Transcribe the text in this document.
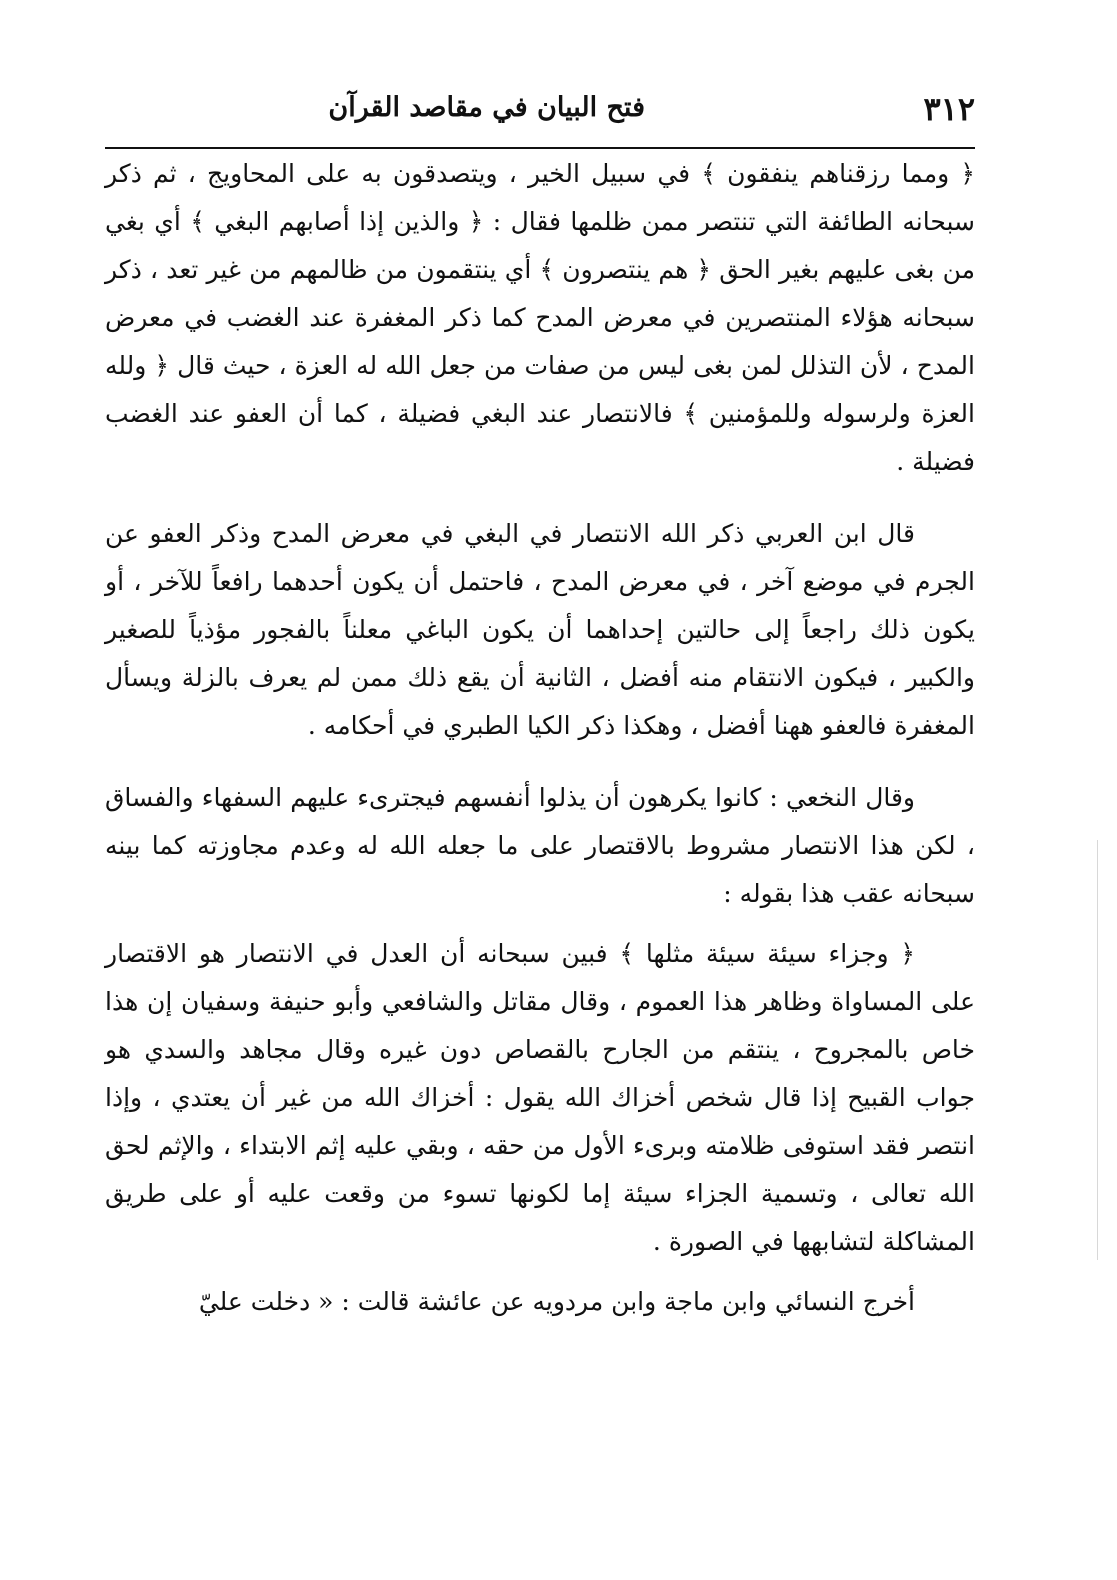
٣١٢
فتح البيان في مقاصد القرآن

﴿ ومما رزقناهم ينفقون ﴾ في سبيل الخير ، ويتصدقون به على المحاويج ، ثم ذكر سبحانه الطائفة التي تنتصر ممن ظلمها فقال : ﴿ والذين إذا أصابهم البغي ﴾ أي بغي من بغى عليهم بغير الحق ﴿ هم ينتصرون ﴾ أي ينتقمون من ظالمهم من غير تعد ، ذكر سبحانه هؤلاء المنتصرين في معرض المدح كما ذكر المغفرة عند الغضب في معرض المدح ، لأن التذلل لمن بغى ليس من صفات من جعل الله له العزة ، حيث قال ﴿ ولله العزة ولرسوله وللمؤمنين ﴾ فالانتصار عند البغي فضيلة ، كما أن العفو عند الغضب فضيلة .

قال ابن العربي ذكر الله الانتصار في البغي في معرض المدح وذكر العفو عن الجرم في موضع آخر ، في معرض المدح ، فاحتمل أن يكون أحدهما رافعاً للآخر ، أو يكون ذلك راجعاً إلى حالتين إحداهما أن يكون الباغي معلناً بالفجور مؤذياً للصغير والكبير ، فيكون الانتقام منه أفضل ، الثانية أن يقع ذلك ممن لم يعرف بالزلة ويسأل المغفرة فالعفو ههنا أفضل ، وهكذا ذكر الكيا الطبري في أحكامه .

وقال النخعي : كانوا يكرهون أن يذلوا أنفسهم فيجترىء عليهم السفهاء والفساق ، لكن هذا الانتصار مشروط بالاقتصار على ما جعله الله له وعدم مجاوزته كما بينه سبحانه عقب هذا بقوله :

﴿ وجزاء سيئة سيئة مثلها ﴾ فبين سبحانه أن العدل في الانتصار هو الاقتصار على المساواة وظاهر هذا العموم ، وقال مقاتل والشافعي وأبو حنيفة وسفيان إن هذا خاص بالمجروح ، ينتقم من الجارح بالقصاص دون غيره وقال مجاهد والسدي هو جواب القبيح إذا قال شخص أخزاك الله يقول : أخزاك الله من غير أن يعتدي ، وإذا انتصر فقد استوفى ظلامته وبرىء الأول من حقه ، وبقي عليه إثم الابتداء ، والإثم لحق الله تعالى ، وتسمية الجزاء سيئة إما لكونها تسوء من وقعت عليه أو على طريق المشاكلة لتشابهها في الصورة .

أخرج النسائي وابن ماجة وابن مردويه عن عائشة قالت : « دخلت عليّ
